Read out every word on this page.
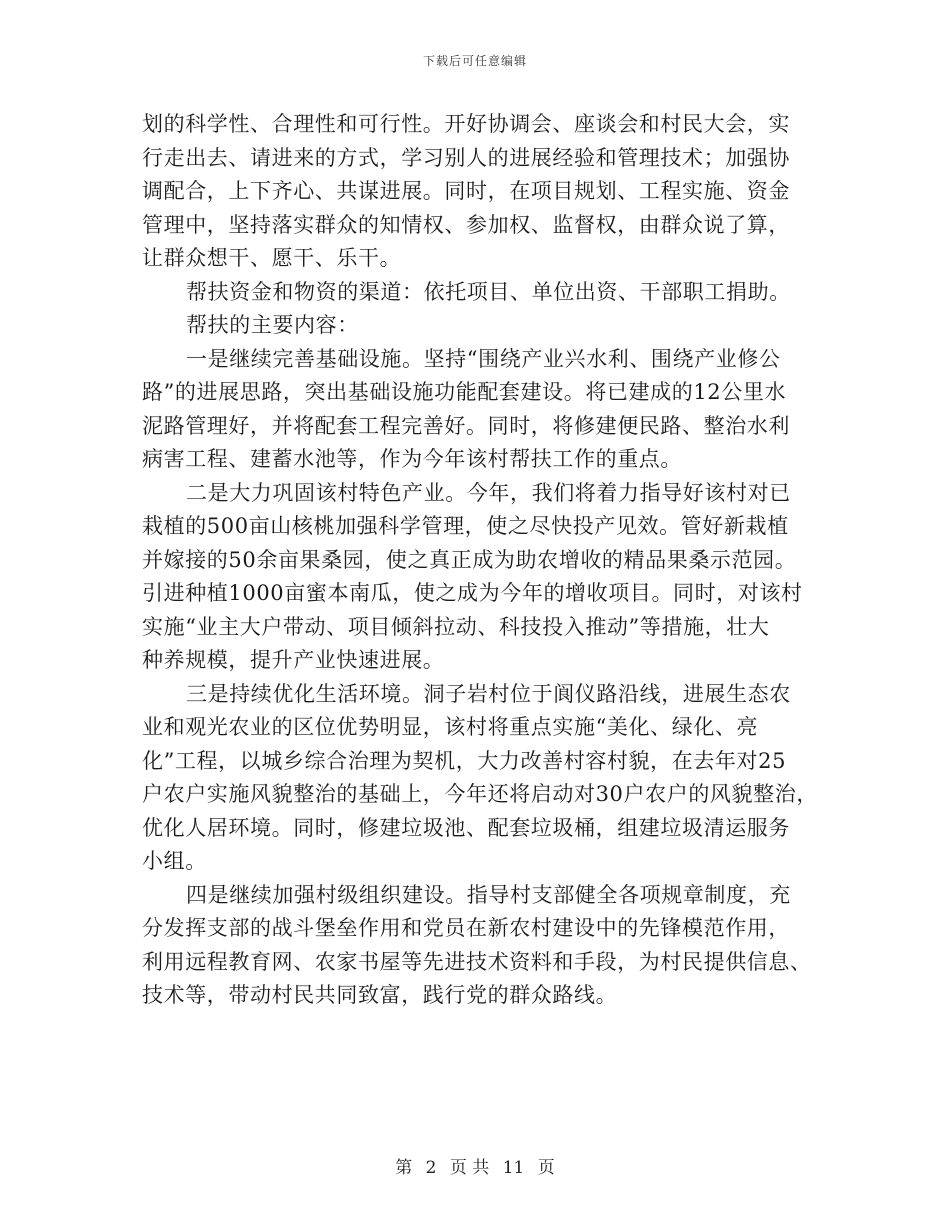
下载后可任意编辑
划的科学性、合理性和可行性。开好协调会、座谈会和村民大会，实
行走出去、请进来的方式，学习别人的进展经验和管理技术；加强协
调配合，上下齐心、共谋进展。同时，在项目规划、工程实施、资金
管理中，坚持落实群众的知情权、参加权、监督权，由群众说了算，
让群众想干、愿干、乐干。
帮扶资金和物资的渠道：依托项目、单位出资、干部职工捐助。
帮扶的主要内容：
一是继续完善基础设施。坚持“围绕产业兴水利、围绕产业修公
路”的进展思路，突出基础设施功能配套建设。将已建成的12公里水
泥路管理好，并将配套工程完善好。同时，将修建便民路、整治水利
病害工程、建蓄水池等，作为今年该村帮扶工作的重点。
二是大力巩固该村特色产业。今年，我们将着力指导好该村对已
栽植的500亩山核桃加强科学管理，使之尽快投产见效。管好新栽植
并嫁接的50余亩果桑园，使之真正成为助农增收的精品果桑示范园。
引进种植1000亩蜜本南瓜，使之成为今年的增收项目。同时，对该村
实施“业主大户带动、项目倾斜拉动、科技投入推动”等措施，壮大
种养规模，提升产业快速进展。
三是持续优化生活环境。洞子岩村位于阆仪路沿线，进展生态农
业和观光农业的区位优势明显，该村将重点实施“美化、绿化、亮
化”工程，以城乡综合治理为契机，大力改善村容村貌，在去年对25
户农户实施风貌整治的基础上，今年还将启动对30户农户的风貌整治，
优化人居环境。同时，修建垃圾池、配套垃圾桶，组建垃圾清运服务
小组。
四是继续加强村级组织建设。指导村支部健全各项规章制度，充
分发挥支部的战斗堡垒作用和党员在新农村建设中的先锋模范作用，
利用远程教育网、农家书屋等先进技术资料和手段，为村民提供信息、
技术等，带动村民共同致富，践行党的群众路线。
第 2 页 共 11 页
